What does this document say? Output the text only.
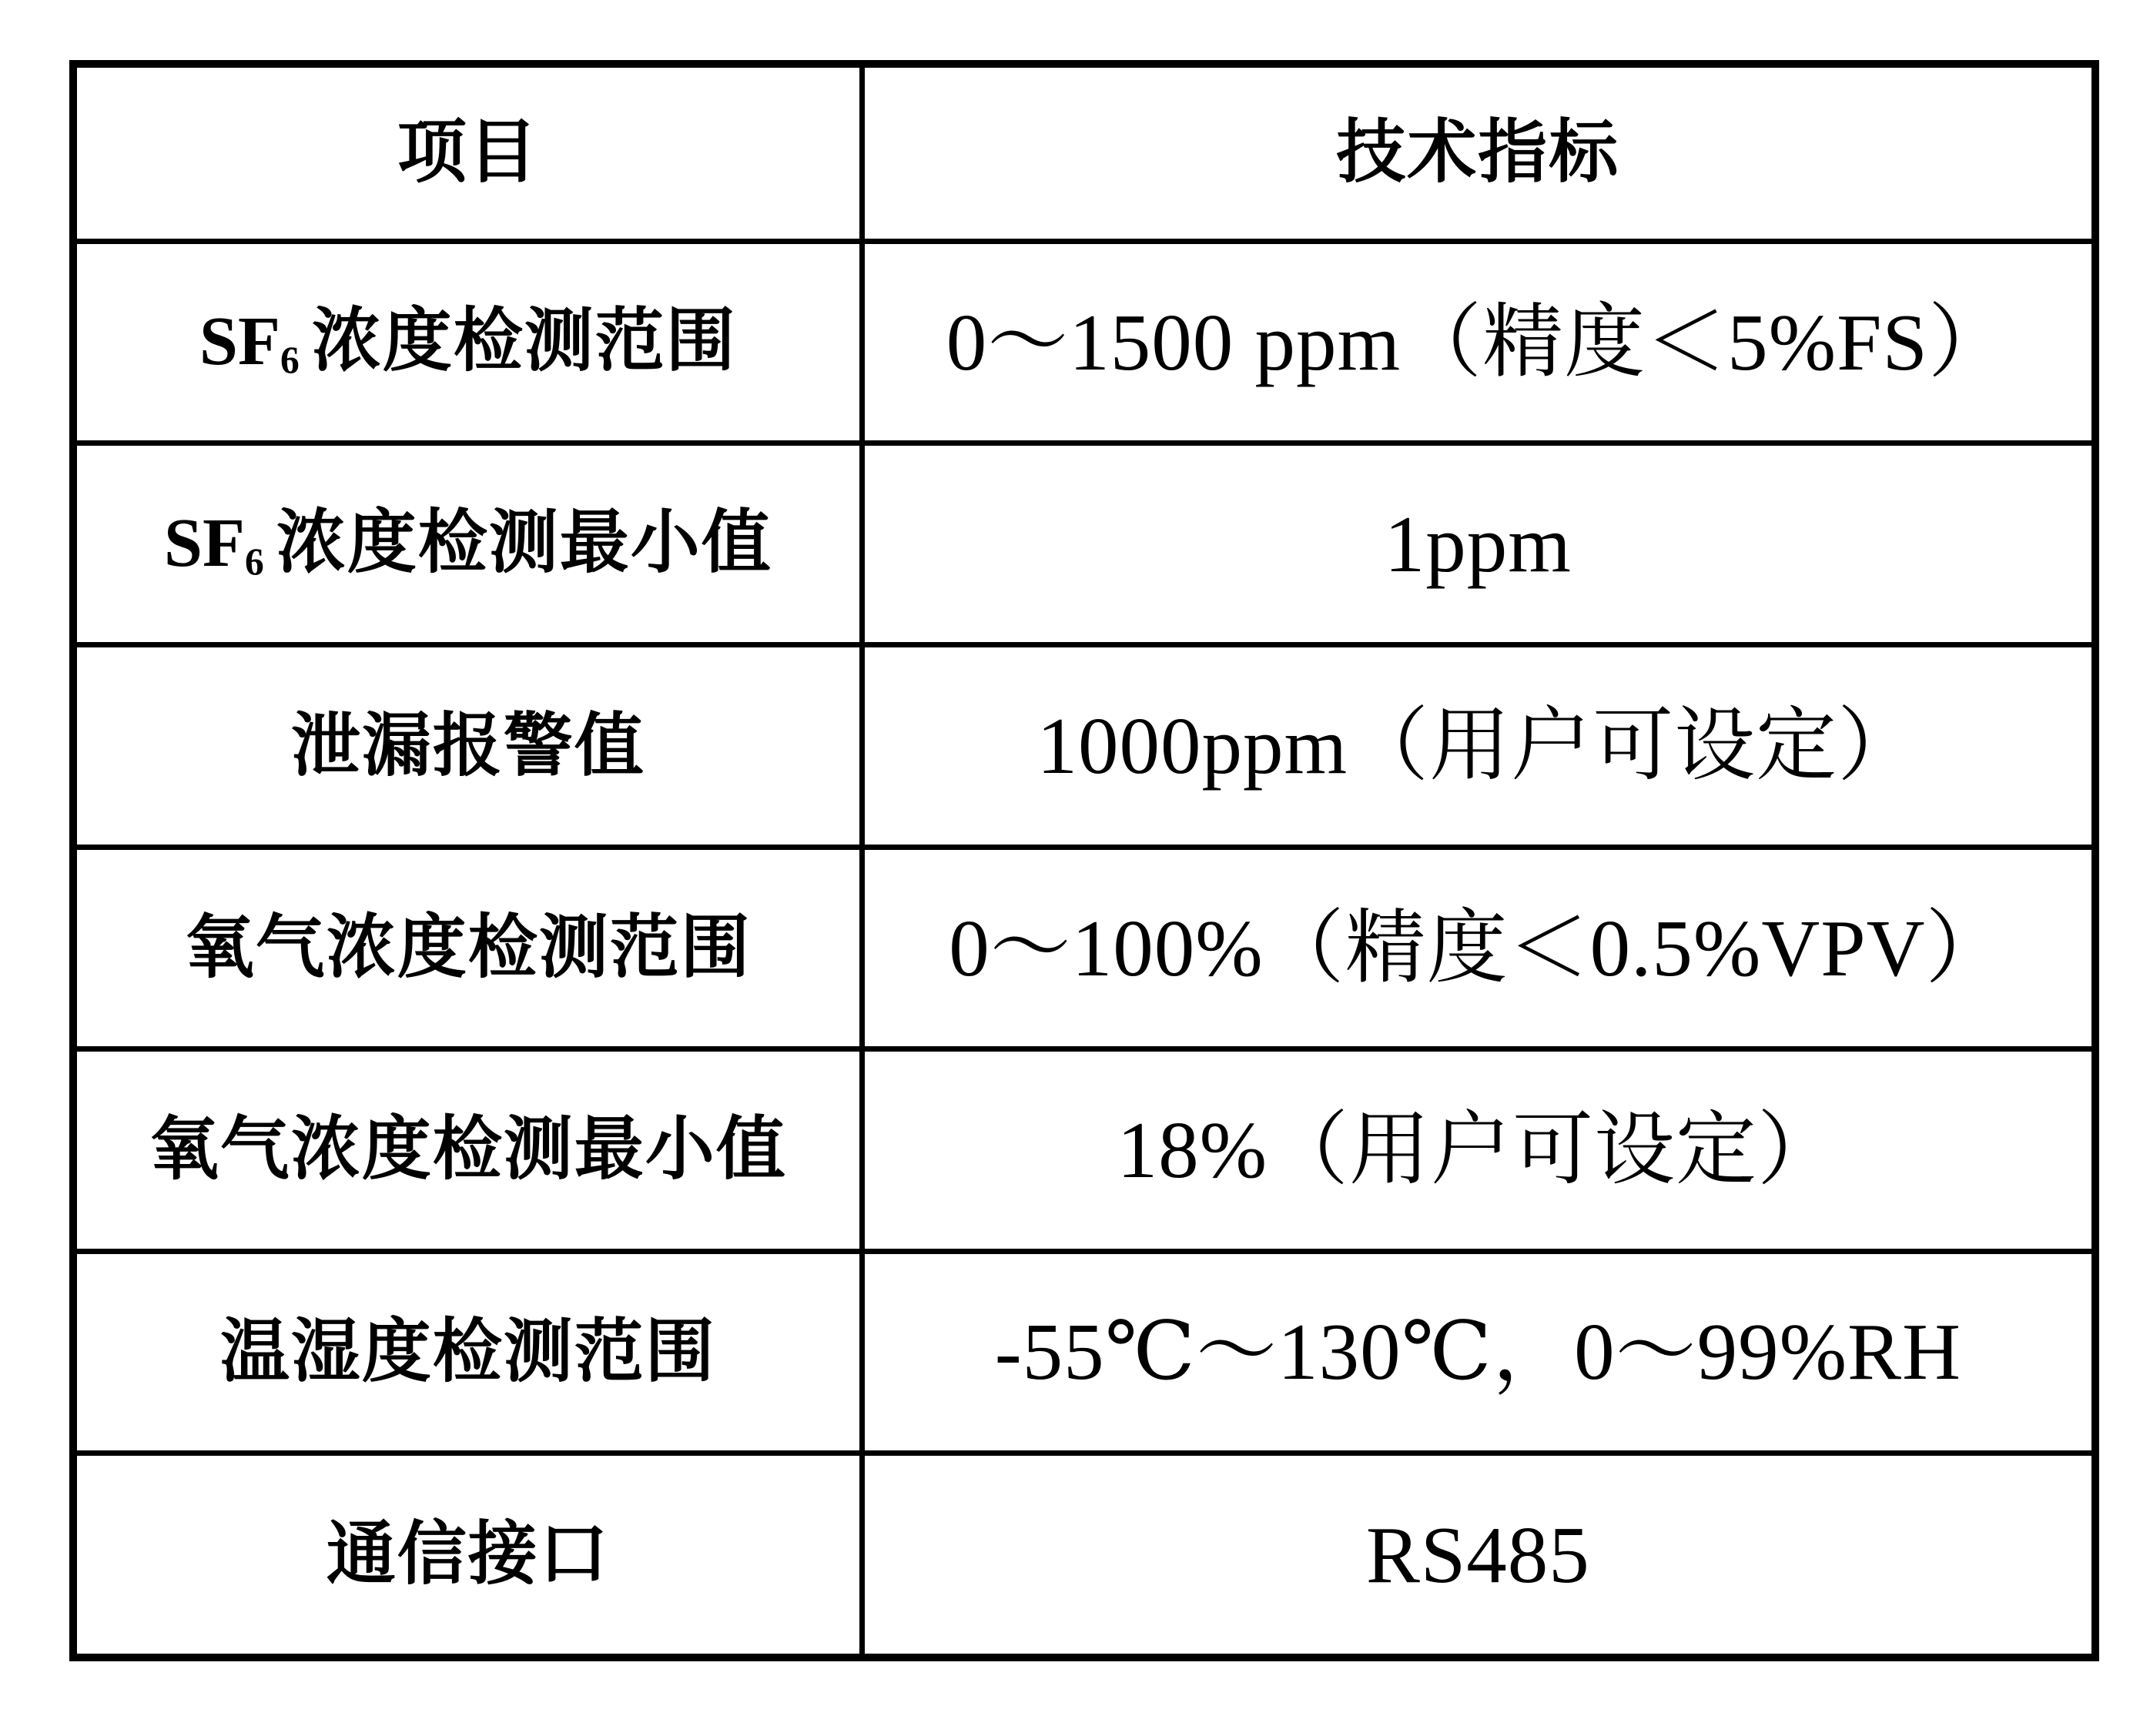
项目	技术指标
$SF_6$ 浓度检测范围	0～1500 ppm（精度＜5%FS）
$SF_6$ 浓度检测最小值	1ppm
泄漏报警值	1000ppm（用户可设定）
氧气浓度检测范围	0～100%（精度＜0.5%VPV）
氧气浓度检测最小值	18%（用户可设定）
温湿度检测范围	-55℃～130℃，0～99%RH
通信接口	RS485
